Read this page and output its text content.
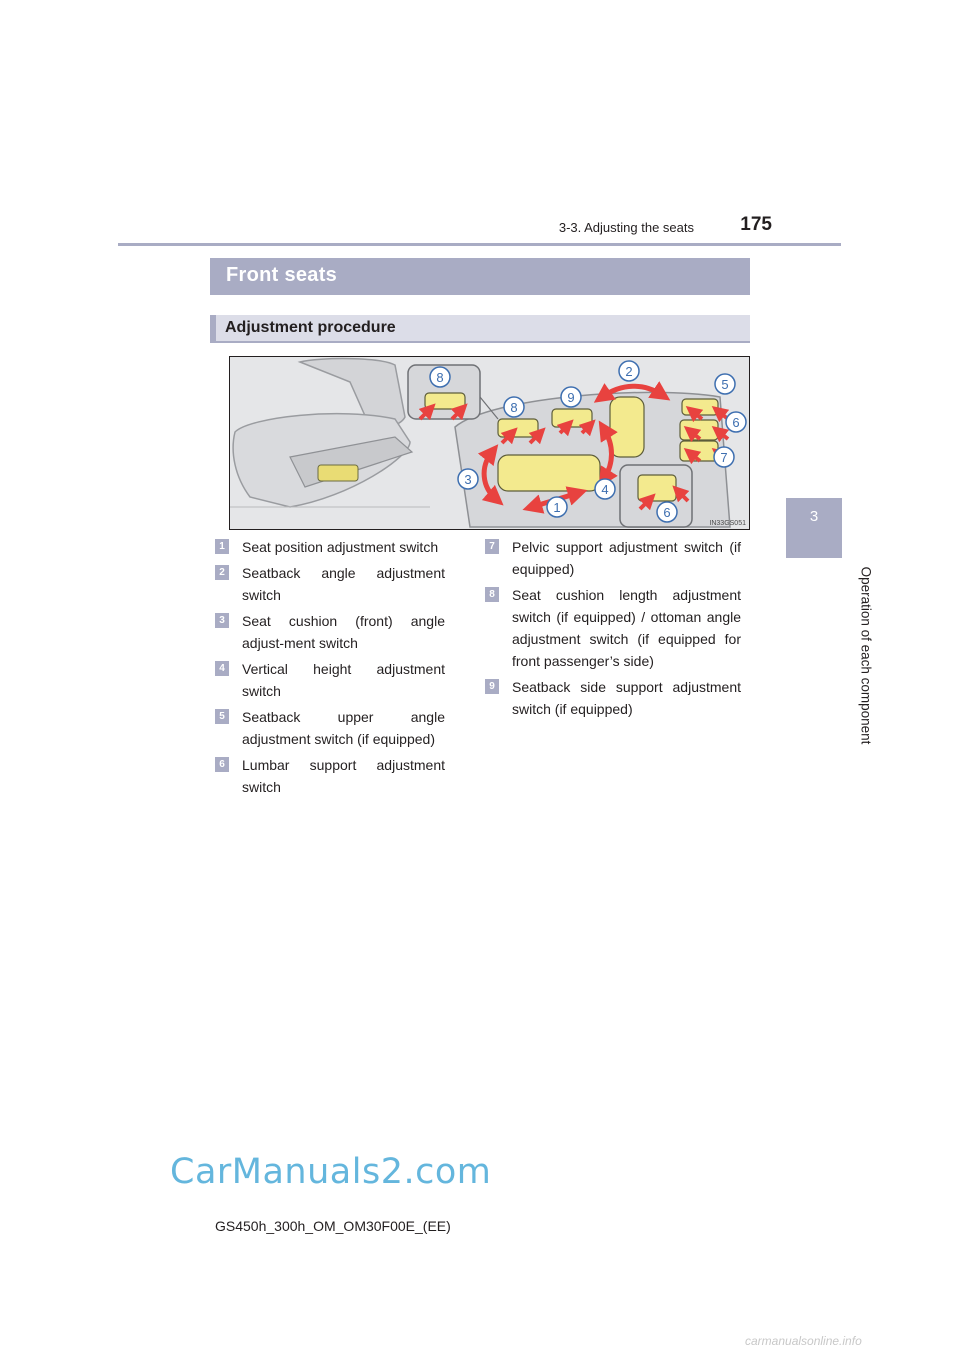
3-3. Adjusting the seats	175
3
Operation of each component
Front seats
Adjustment procedure
1
2
3
4
5
6
6
7
8
8
9
IN33GS051
1	Seat position adjustment switch
2	Seatback angle adjustment switch
3	Seat cushion (front) angle adjust-ment switch
4	Vertical height adjustment switch
5	Seatback upper angle adjustment switch (if equipped)
6	Lumbar support adjustment switch
7	Pelvic support adjustment switch (if equipped)
8	Seat cushion length adjustment switch (if equipped) / ottoman angle adjustment switch (if equipped for front passenger’s side)
9	Seatback side support adjustment switch (if equipped)
CarManuals2.com
GS450h_300h_OM_OM30F00E_(EE)
carmanualsonline.info
